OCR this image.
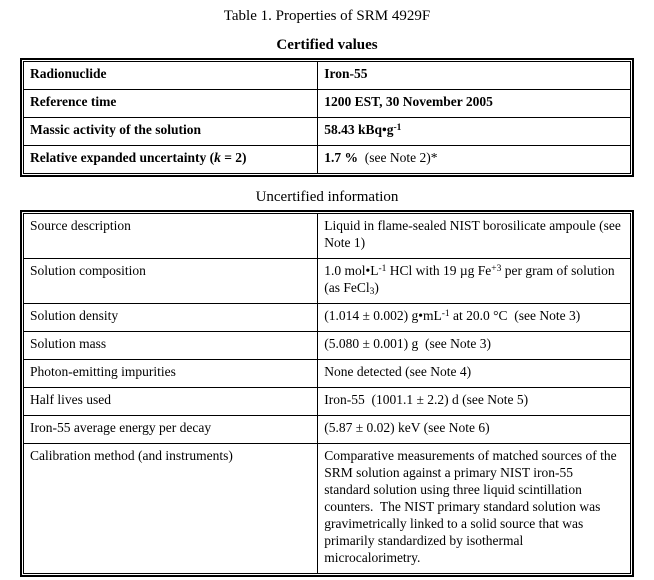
Table 1. Properties of SRM 4929F
Certified values
Radionuclide	Iron-55
Reference time	1200 EST, 30 November 2005
Massic activity of the solution	58.43 $kBq•g^{-1}$
Relative expanded uncertainty (k = 2)	1.7 %  (see Note 2)*
Uncertified information
Source description	Liquid in flame-sealed NIST borosilicate ampoule (see Note 1)
Solution composition	1.0 $mol•L^{-1}$ HCl with 19 µg $Fe^{+3}$ per gram of solution (as FeCl$_3$)
Solution density	(1.014 ± 0.002) $g•mL^{-1}$ at 20.0 °C  (see Note 3)
Solution mass	(5.080 ± 0.001) g  (see Note 3)
Photon-emitting impurities	None detected (see Note 4)
Half lives used	Iron-55  (1001.1 ± 2.2) d (see Note 5)
Iron-55 average energy per decay	(5.87 ± 0.02) keV (see Note 6)
Calibration method (and instruments)	Comparative measurements of matched sources of the SRM solution against a primary NIST iron-55 standard solution using three liquid scintillation counters.  The NIST primary standard solution was gravimetrically linked to a solid source that was primarily standardized by isothermal microcalorimetry.
